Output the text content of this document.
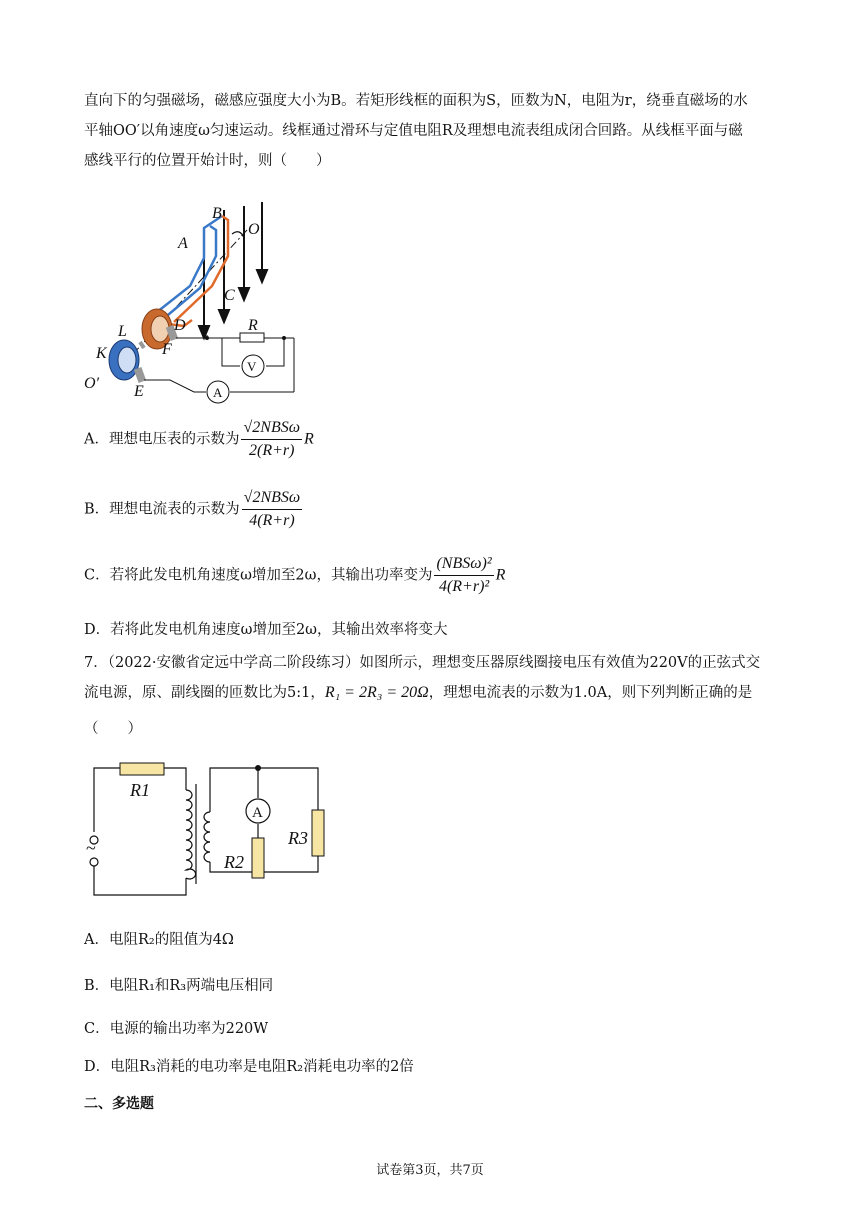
直向下的匀强磁场，磁感应强度大小为B。若矩形线框的面积为S，匝数为N，电阻为r，绕垂直磁场的水
平轴OO′以角速度ω匀速运动。线框通过滑环与定值电阻R及理想电流表组成闭合回路。从线框平面与磁
感线平行的位置开始计时，则（　　）
B
O
A
C
L	D
F
R
K
V
O′ E	A
A．理想电压表的示数为 $\frac{\text{√2NBSω}}{2(R+r)}$ R
B．理想电流表的示数为 $\frac{\text{√2NBSω}}{4(R+r)}$
C．若将此发电机角速度ω增加至2ω，其输出功率变为 $\frac{\text{(NBSω)²}}{\text{4(R+r)²}}$ R
D．若将此发电机角速度ω增加至2ω，其输出效率将变大
7．（2022·安徽省定远中学高二阶段练习）如图所示，理想变压器原线圈接电压有效值为220V的正弦式交
流电源，原、副线圈的匝数比为5:1，R₁ = 2R₃ = 20Ω，理想电流表的示数为1.0A，则下列判断正确的是
（　　）
R1
~
A
R3
R2
A．电阻R₂的阻值为4Ω
B．电阻R₁和R₃两端电压相同
C．电源的输出功率为220W
D．电阻R₃消耗的电功率是电阻R₂消耗电功率的2倍
二、多选题
试卷第3页，共7页
